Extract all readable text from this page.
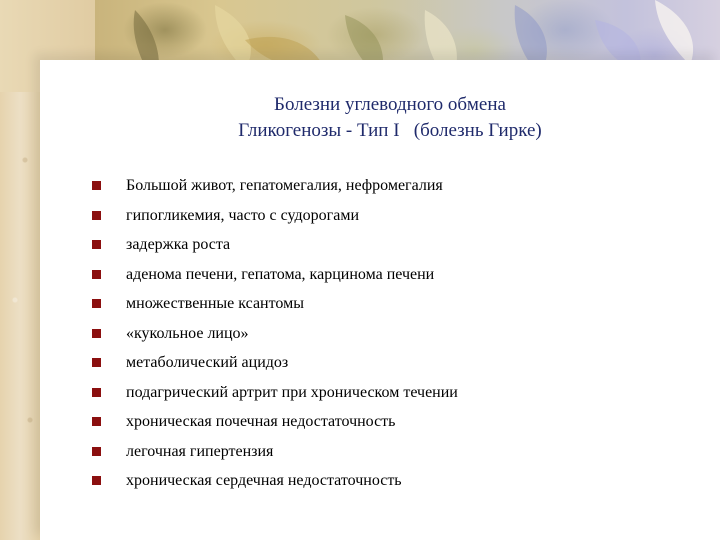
Болезни углеводного обмена
Гликогенозы - Тип I   (болезнь Гирке)
Большой живот, гепатомегалия, нефромегалия
гипогликемия, часто с судорогами
задержка роста
аденома печени, гепатома, карцинома печени
множественные ксантомы
«кукольное лицо»
метаболический ацидоз
подагрический артрит при хроническом течении
хроническая почечная недостаточность
легочная гипертензия
хроническая сердечная недостаточность
